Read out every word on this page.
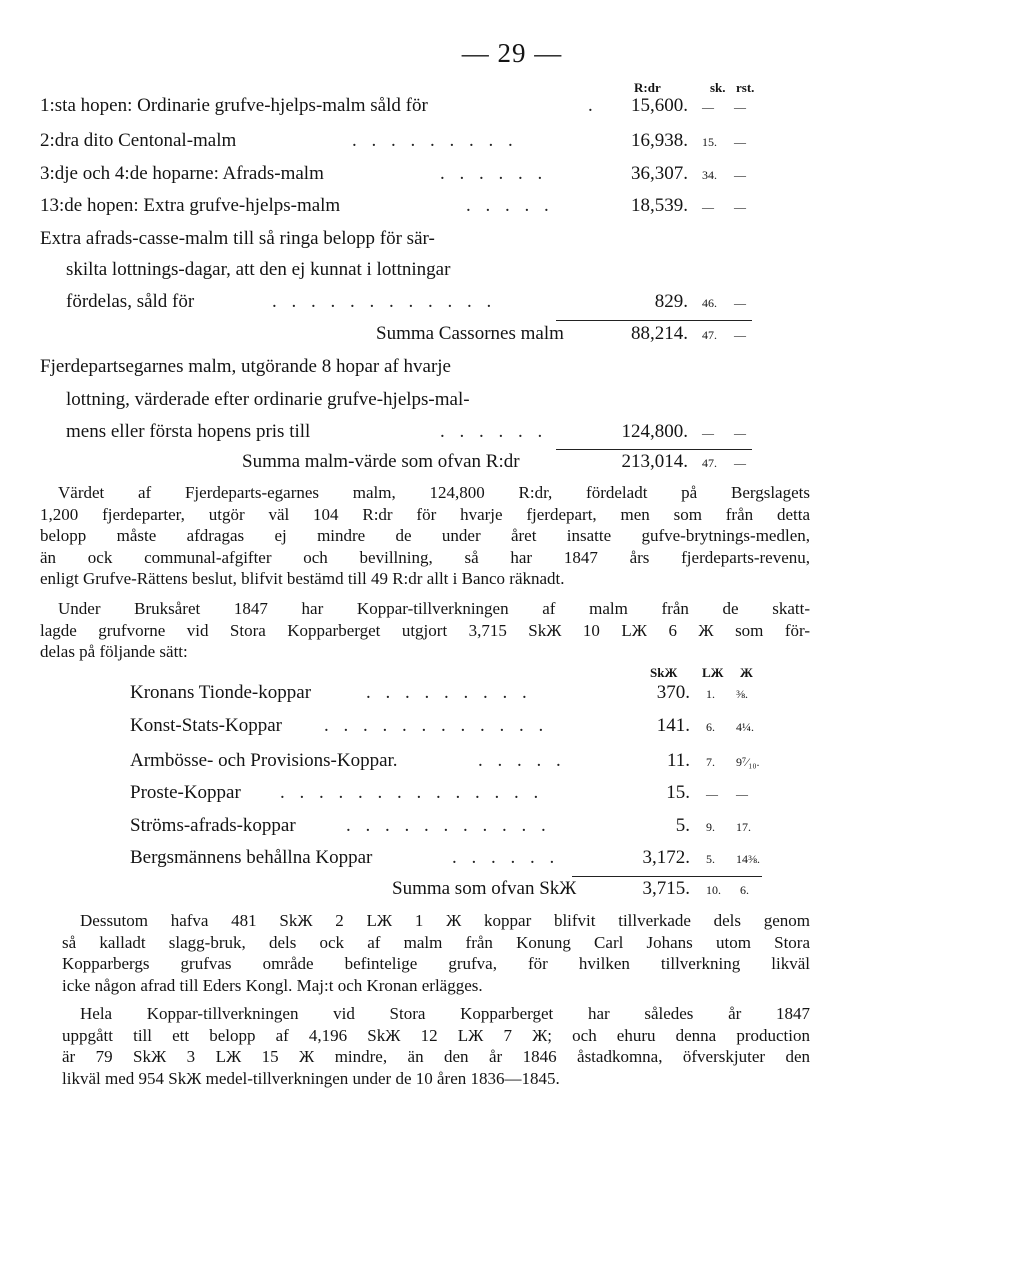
— 29 —
R:dr	sk. rst.
1:sta hopen: Ordinarie grufve-hjelps-malm såld för	.	15,600. — —
2:dra dito Centonal-malm	. . . . . . . . .	16,938. 15. —
3:dje och 4:de hoparne: Afrads-malm	. . . . . .	36,307. 34. —
13:de hopen: Extra grufve-hjelps-malm	. . . . .	18,539. — —
Extra afrads-casse-malm till så ringa belopp för sär-
skilta lottnings-dagar, att den ej kunnat i lottningar
fördelas, såld för	. . . . . . . . . . . .	829. 46. —
Summa Cassornes malm	88,214. 47. —
Fjerdepartsegarnes malm, utgörande 8 hopar af hvarje
lottning, värderade efter ordinarie grufve-hjelps-mal-
mens eller första hopens pris till	. . . . . .	124,800. — —
Summa malm-värde som ofvan R:dr	213,014. 47. —
Värdet af Fjerdeparts-egarnes malm, 124,800 R:dr, fördeladt på Bergslagets
1,200 fjerdeparter, utgör väl 104 R:dr för hvarje fjerdepart, men som från detta
belopp måste afdragas ej mindre de under året insatte gufve-brytnings-medlen,
än ock communal-afgifter och bevillning, så har 1847 års fjerdeparts-revenu,
enligt Grufve-Rättens beslut, blifvit bestämd till 49 R:dr allt i Banco räknadt.
Under Bruksåret 1847 har Koppar-tillverkningen af malm från de skatt-
lagde grufvorne vid Stora Kopparberget utgjort 3,715 SkЖ 10 LЖ 6 Ж som för-
delas på följande sätt:
SkЖ LЖ Ж
Kronans Tionde-koppar	. . . . . . . . .	370. 1. ⅜.
Konst-Stats-Koppar . . . . . . . . . . . .	141. 6. 4¼.
Armbösse- och Provisions-Koppar.	. . . . .	11. 7. 9⁷⁄₁₀.
Proste-Koppar . . . . . . . . . . . . . .	15. — —
Ströms-afrads-koppar	. . . . . . . . . . .	5. 9. 17.
Bergsmännens behållna Koppar	. . . . . .	3,172. 5. 14⅜.
Summa som ofvan SkЖ	3,715. 10. 6.
Dessutom hafva 481 SkЖ 2 LЖ 1 Ж koppar blifvit tillverkade dels genom
så kalladt slagg-bruk, dels ock af malm från Konung Carl Johans utom Stora
Kopparbergs grufvas område befintelige grufva, för hvilken tillverkning likväl
icke någon afrad till Eders Kongl. Maj:t och Kronan erlägges.
Hela Koppar-tillverkningen vid Stora Kopparberget har således år 1847
uppgått till ett belopp af 4,196 SkЖ 12 LЖ 7 Ж; och ehuru denna production
är 79 SkЖ 3 LЖ 15 Ж mindre, än den år 1846 åstadkomna, öfverskjuter den
likväl med 954 SkЖ medel-tillverkningen under de 10 åren 1836—1845.
